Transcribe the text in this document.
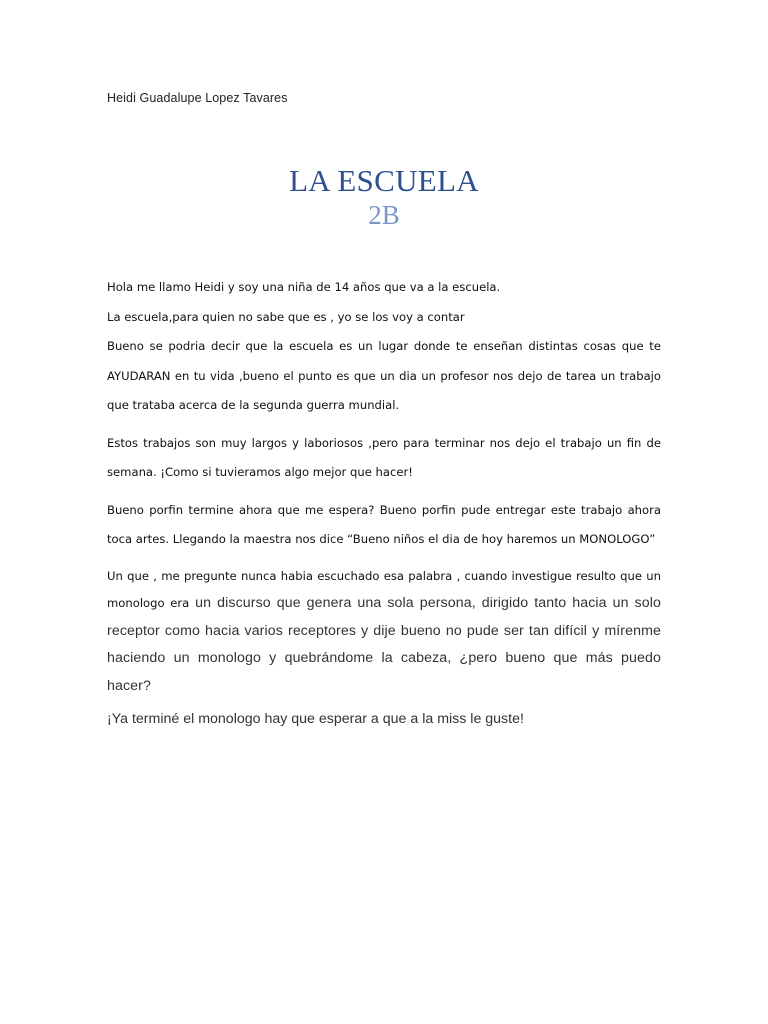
Heidi Guadalupe Lopez Tavares
LA ESCUELA
2B

Hola me llamo Heidi y soy una niña de 14 años que va a la escuela.

La escuela,para quien no sabe que es , yo se los voy a contar

Bueno se podria decir que la escuela es un lugar donde te enseñan distintas cosas que te AYUDARAN en tu vida ,bueno el punto es que un dia un profesor nos dejo de tarea un trabajo que trataba acerca de la segunda guerra mundial.

Estos trabajos son muy largos y laboriosos ,pero para terminar nos dejo el trabajo un fin de semana. ¡Como si tuvieramos algo mejor que hacer!

Bueno porfin termine ahora que me espera? Bueno porfin pude entregar este trabajo ahora toca artes. Llegando la maestra nos dice “Bueno niños el dia de hoy haremos un MONOLOGO”

Un que , me pregunte nunca habia escuchado esa palabra , cuando investigue resulto que un monologo era un discurso que genera una sola persona, dirigido tanto hacia un solo receptor como hacia varios receptores y dije bueno no pude ser tan difícil y mírenme haciendo un monologo y quebrándome la cabeza, ¿pero bueno que más puedo hacer?

¡Ya terminé el monologo hay que esperar a que a la miss le guste!
